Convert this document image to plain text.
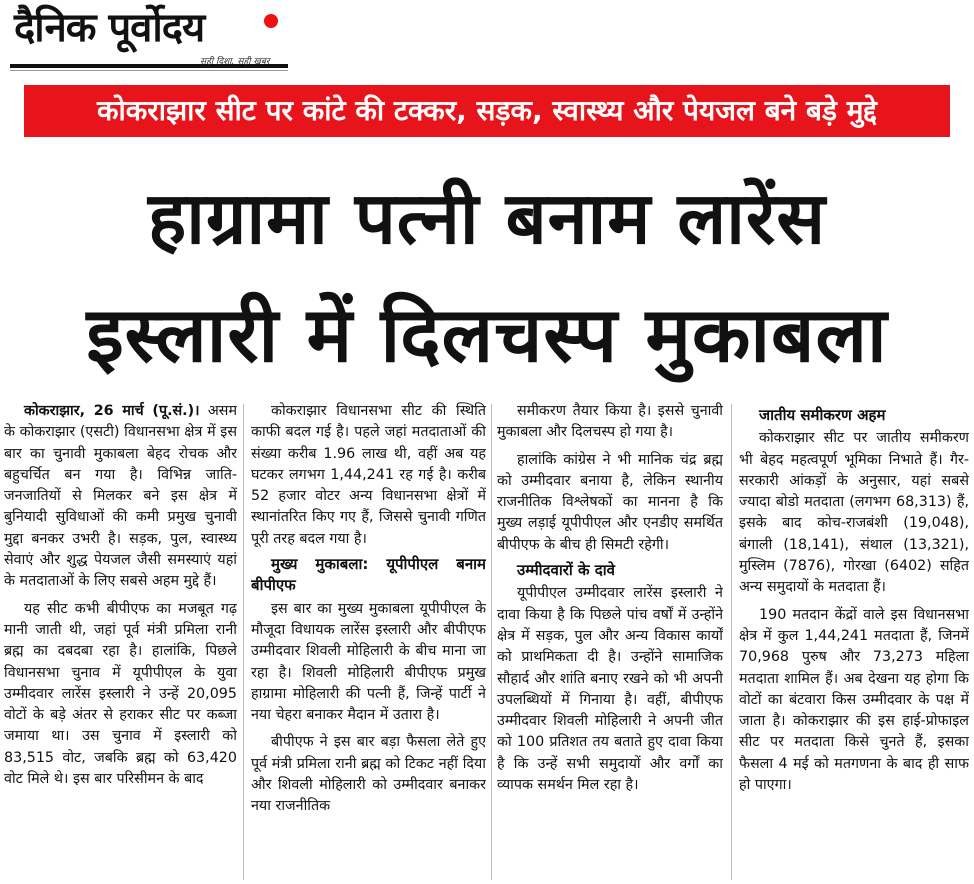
दैनिक पूर्वोदय
सही दिशा, सही खबर
कोकराझार सीट पर कांटे की टक्कर, सड़क, स्वास्थ्य और पेयजल बने बड़े मुद्दे
हाग्रामा पत्नी बनाम लारेंस
इस्लारी में दिलचस्प मुकाबला

कोकराझार, 26 मार्च (पू.सं.)। असम के कोकराझार (एसटी) विधानसभा क्षेत्र में इस बार का चुनावी मुकाबला बेहद रोचक और बहुचर्चित बन गया है। विभिन्न जाति-जनजातियों से मिलकर बने इस क्षेत्र में बुनियादी सुविधाओं की कमी प्रमुख चुनावी मुद्दा बनकर उभरी है। सड़क, पुल, स्वास्थ्य सेवाएं और शुद्ध पेयजल जैसी समस्याएं यहां के मतदाताओं के लिए सबसे अहम मुद्दे हैं।

यह सीट कभी बीपीएफ का मजबूत गढ़ मानी जाती थी, जहां पूर्व मंत्री प्रमिला रानी ब्रह्म का दबदबा रहा है। हालांकि, पिछले विधानसभा चुनाव में यूपीपीएल के युवा उम्मीदवार लारेंस इस्लारी ने उन्हें 20,095 वोटों के बड़े अंतर से हराकर सीट पर कब्जा जमाया था। उस चुनाव में इस्लारी को 83,515 वोट, जबकि ब्रह्म को 63,420 वोट मिले थे। इस बार परिसीमन के बाद

कोकराझार विधानसभा सीट की स्थिति काफी बदल गई है। पहले जहां मतदाताओं की संख्या करीब 1.96 लाख थी, वहीं अब यह घटकर लगभग 1,44,241 रह गई है। करीब 52 हजार वोटर अन्य विधानसभा क्षेत्रों में स्थानांतरित किए गए हैं, जिससे चुनावी गणित पूरी तरह बदल गया है।

मुख्य मुकाबला: यूपीपीएल बनाम बीपीएफ

इस बार का मुख्य मुकाबला यूपीपीएल के मौजूदा विधायक लारेंस इस्लारी और बीपीएफ उम्मीदवार शिवली मोहिलारी के बीच माना जा रहा है। शिवली मोहिलारी बीपीएफ प्रमुख हाग्रामा मोहिलारी की पत्नी हैं, जिन्हें पार्टी ने नया चेहरा बनाकर मैदान में उतारा है।

बीपीएफ ने इस बार बड़ा फैसला लेते हुए पूर्व मंत्री प्रमिला रानी ब्रह्म को टिकट नहीं दिया और शिवली मोहिलारी को उम्मीदवार बनाकर नया राजनीतिक

समीकरण तैयार किया है। इससे चुनावी मुकाबला और दिलचस्प हो गया है।

हालांकि कांग्रेस ने भी मानिक चंद्र ब्रह्म को उम्मीदवार बनाया है, लेकिन स्थानीय राजनीतिक विश्लेषकों का मानना है कि मुख्य लड़ाई यूपीपीएल और एनडीए समर्थित बीपीएफ के बीच ही सिमटी रहेगी।

उम्मीदवारों के दावे

यूपीपीएल उम्मीदवार लारेंस इस्लारी ने दावा किया है कि पिछले पांच वर्षों में उन्होंने क्षेत्र में सड़क, पुल और अन्य विकास कार्यों को प्राथमिकता दी है। उन्होंने सामाजिक सौहार्द और शांति बनाए रखने को भी अपनी उपलब्धियों में गिनाया है। वहीं, बीपीएफ उम्मीदवार शिवली मोहिलारी ने अपनी जीत को 100 प्रतिशत तय बताते हुए दावा किया है कि उन्हें सभी समुदायों और वर्गों का व्यापक समर्थन मिल रहा है।

जातीय समीकरण अहम

कोकराझार सीट पर जातीय समीकरण भी बेहद महत्वपूर्ण भूमिका निभाते हैं। गैर-सरकारी आंकड़ों के अनुसार, यहां सबसे ज्यादा बोडो मतदाता (लगभग 68,313) हैं, इसके बाद कोच-राजबंशी (19,048), बंगाली (18,141), संथाल (13,321), मुस्लिम (7876), गोरखा (6402) सहित अन्य समुदायों के मतदाता हैं।

190 मतदान केंद्रों वाले इस विधानसभा क्षेत्र में कुल 1,44,241 मतदाता हैं, जिनमें 70,968 पुरुष और 73,273 महिला मतदाता शामिल हैं। अब देखना यह होगा कि वोटों का बंटवारा किस उम्मीदवार के पक्ष में जाता है। कोकराझार की इस हाई-प्रोफाइल सीट पर मतदाता किसे चुनते हैं, इसका फैसला 4 मई को मतगणना के बाद ही साफ हो पाएगा।
